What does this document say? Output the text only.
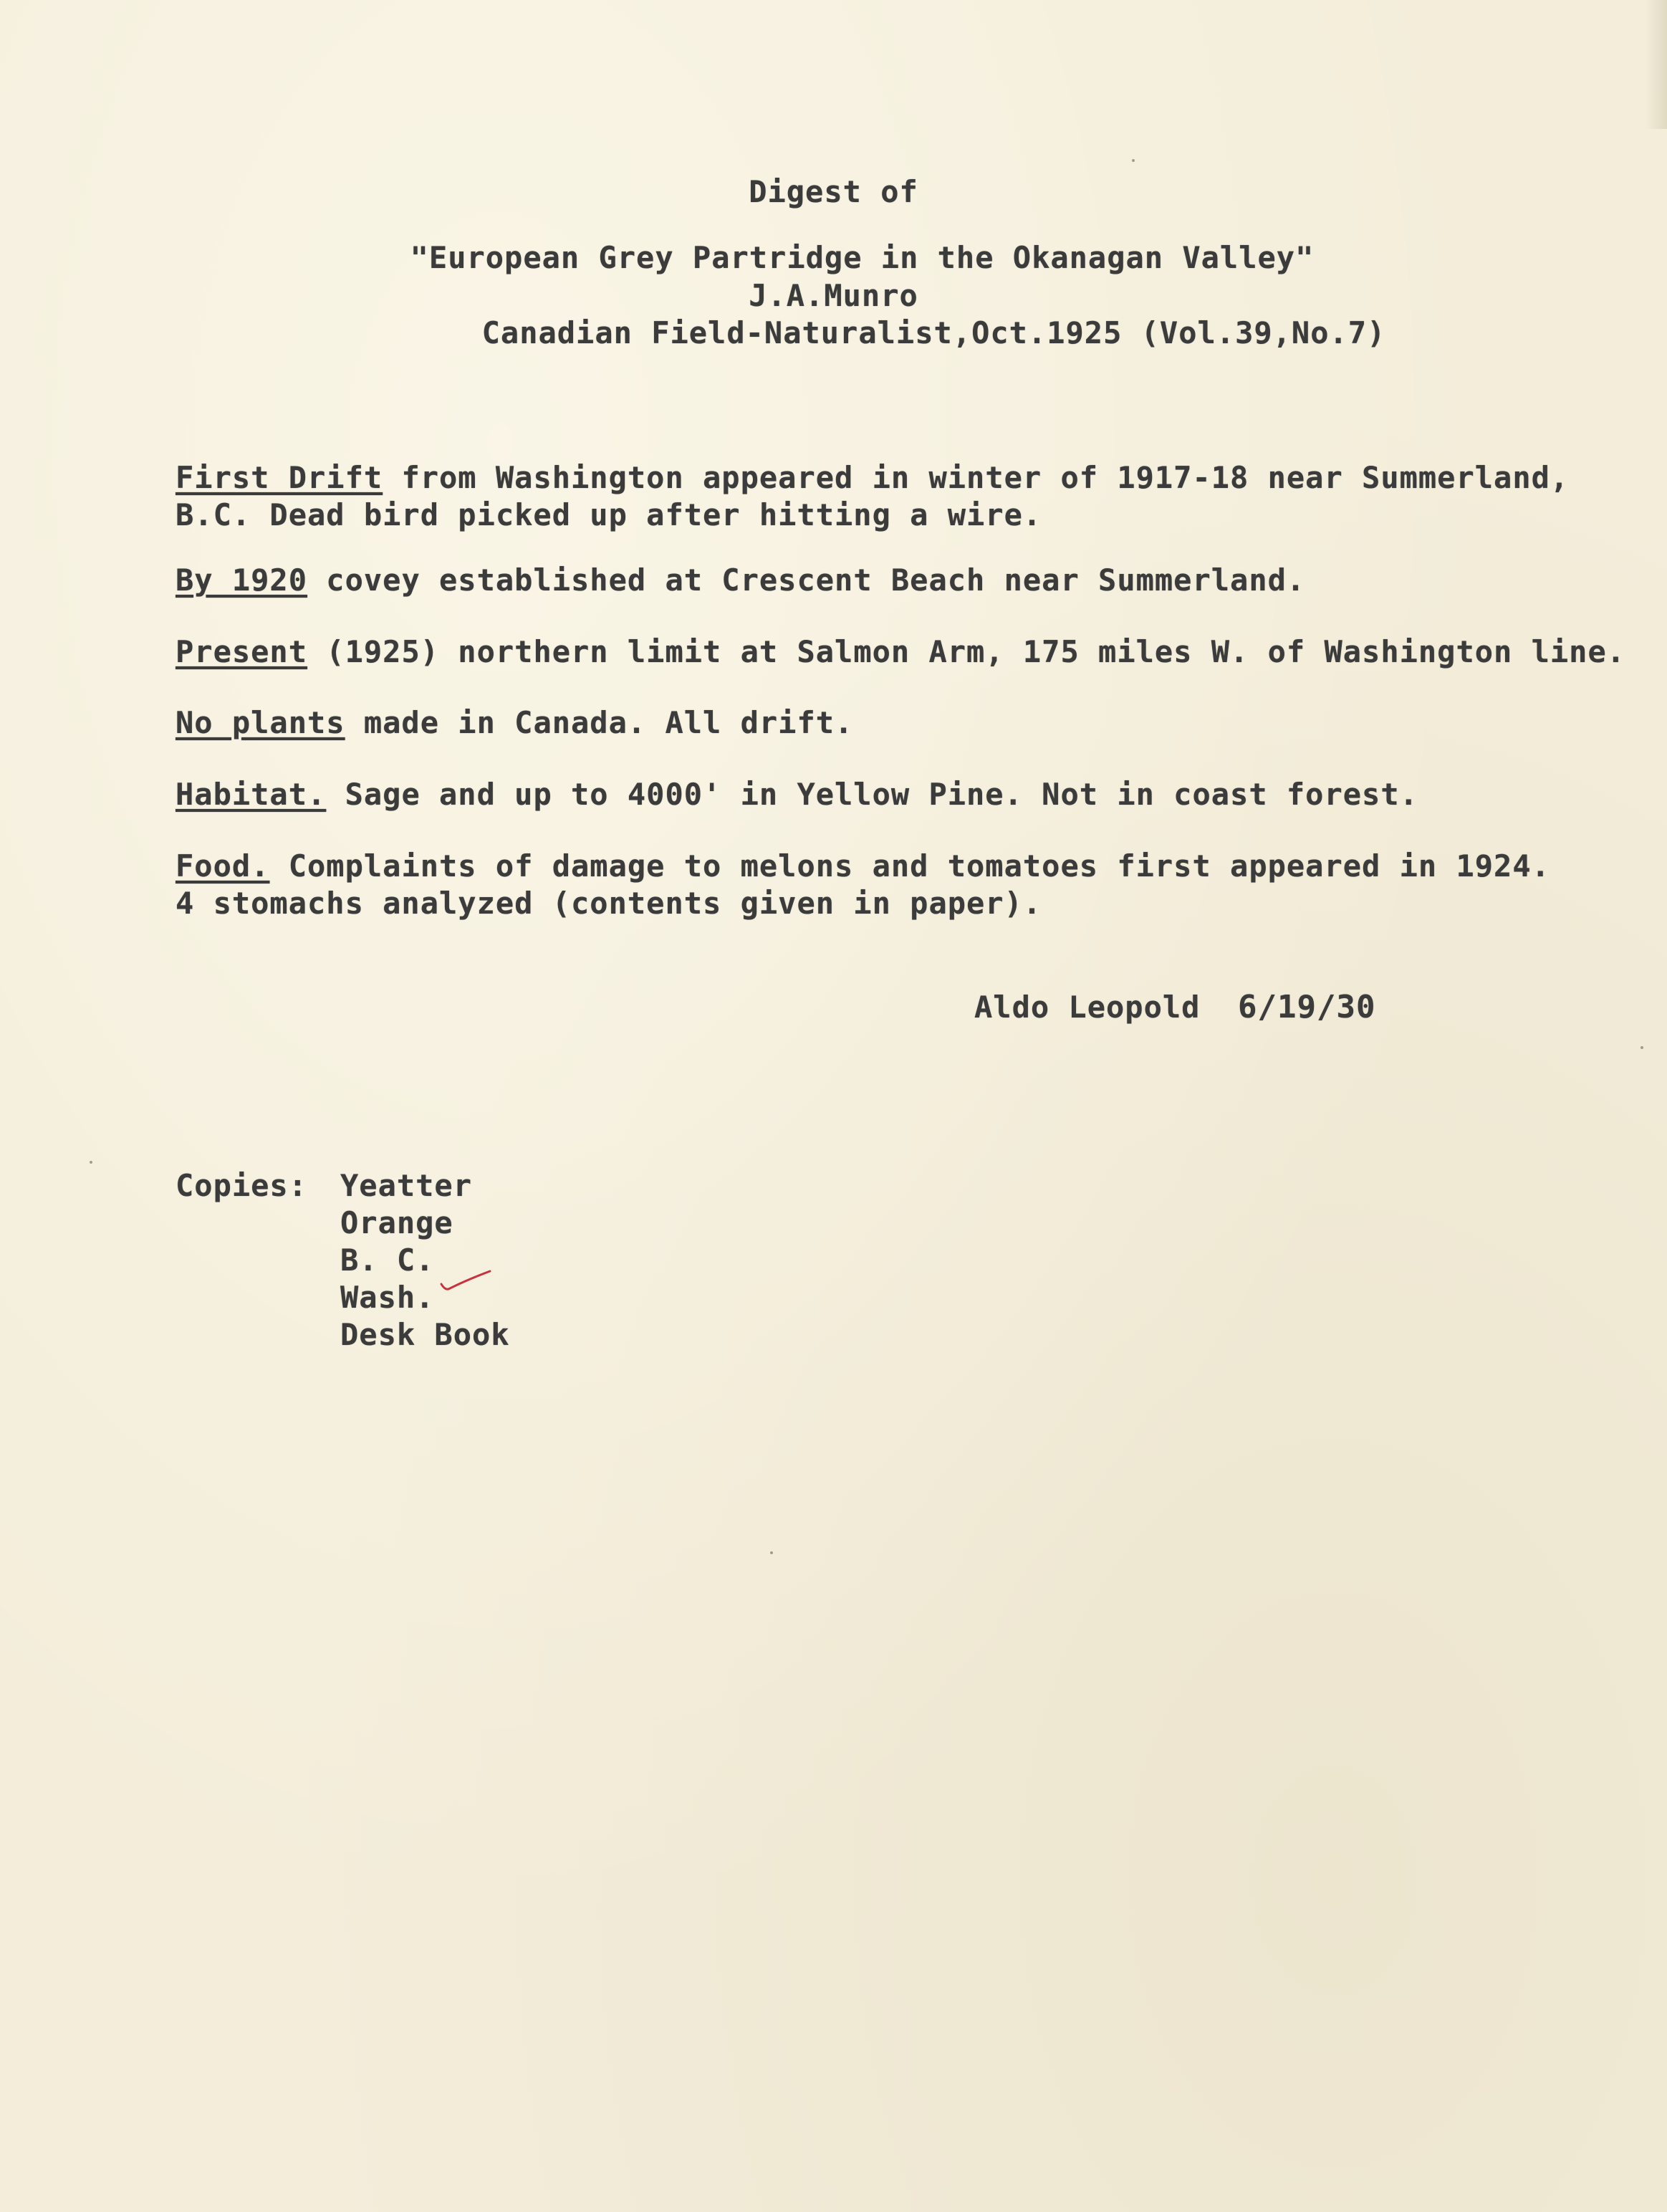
Digest of
"European Grey Partridge in the Okanagan Valley"
J.A.Munro
Canadian Field-Naturalist,Oct.1925 (Vol.39,No.7)
First Drift from Washington appeared in winter of 1917-18 near Summerland,
B.C. Dead bird picked up after hitting a wire.
By 1920 covey established at Crescent Beach near Summerland.
Present (1925) northern limit at Salmon Arm, 175 miles W. of Washington line.
No plants made in Canada. All drift.
Habitat. Sage and up to 4000' in Yellow Pine. Not in coast forest.
Food. Complaints of damage to melons and tomatoes first appeared in 1924.
4 stomachs analyzed (contents given in paper).
Aldo Leopold 6/19/30
Copies: Yeatter
Orange
B. C.
Wash.
Desk Book
